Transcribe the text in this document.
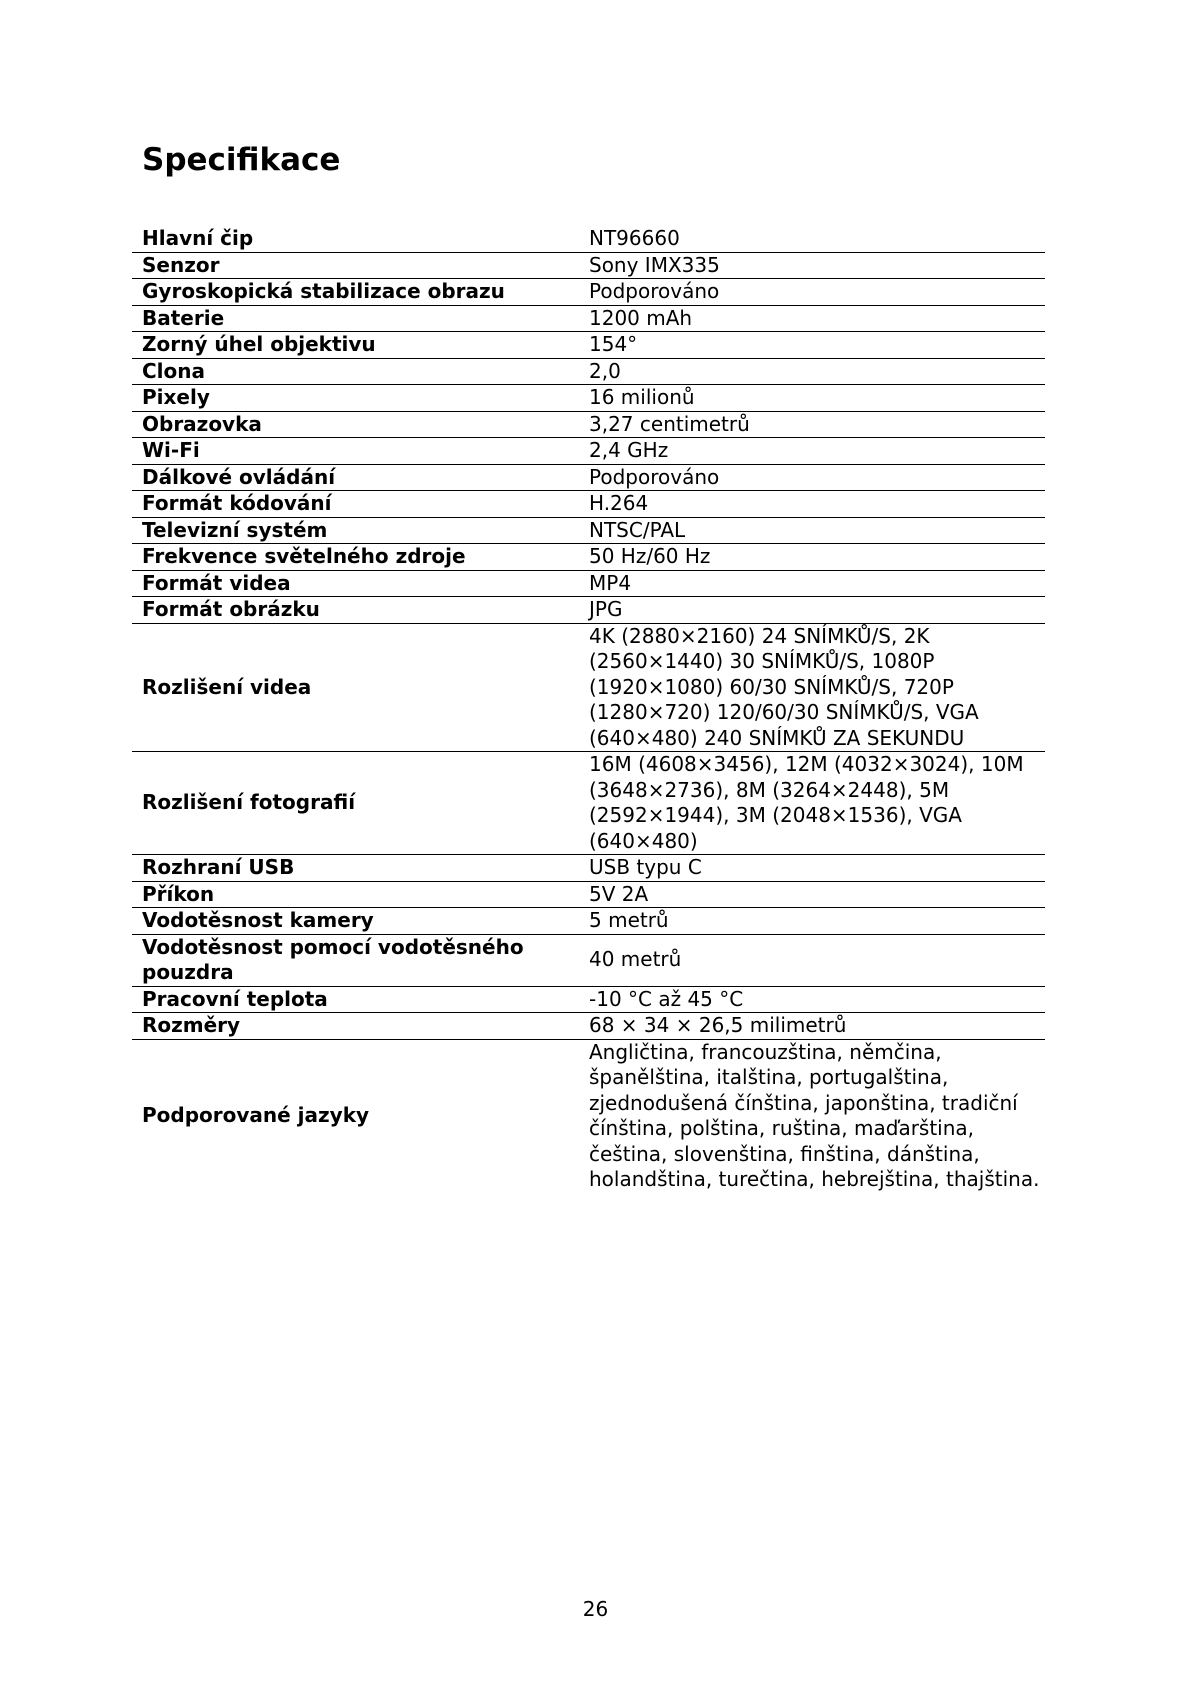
Specifikace
Hlavní čip	NT96660
Senzor	Sony IMX335
Gyroskopická stabilizace obrazu	Podporováno
Baterie	1200 mAh
Zorný úhel objektivu	154°
Clona	2,0
Pixely	16 milionů
Obrazovka	3,27 centimetrů
Wi-Fi	2,4 GHz
Dálkové ovládání	Podporováno
Formát kódování	H.264
Televizní systém	NTSC/PAL
Frekvence světelného zdroje	50 Hz/60 Hz
Formát videa	MP4
Formát obrázku	JPG
Rozlišení videa	4K (2880×2160) 24 SNÍMKŮ/S, 2K (2560×1440) 30 SNÍMKŮ/S, 1080P (1920×1080) 60/30 SNÍMKŮ/S, 720P (1280×720) 120/60/30 SNÍMKŮ/S, VGA (640×480) 240 SNÍMKŮ ZA SEKUNDU
Rozlišení fotografií	16M (4608×3456), 12M (4032×3024), 10M (3648×2736), 8M (3264×2448), 5M (2592×1944), 3M (2048×1536), VGA (640×480)
Rozhraní USB	USB typu C
Příkon	5V 2A
Vodotěsnost kamery	5 metrů
Vodotěsnost pomocí vodotěsného pouzdra	40 metrů
Pracovní teplota	-10 °C až 45 °C
Rozměry	68 × 34 × 26,5 milimetrů
Podporované jazyky	Angličtina, francouzština, němčina, španělština, italština, portugalština, zjednodušená čínština, japonština, tradiční čínština, polština, ruština, maďarština, čeština, slovenština, finština, dánština, holandština, turečtina, hebrejština, thajština.
26
